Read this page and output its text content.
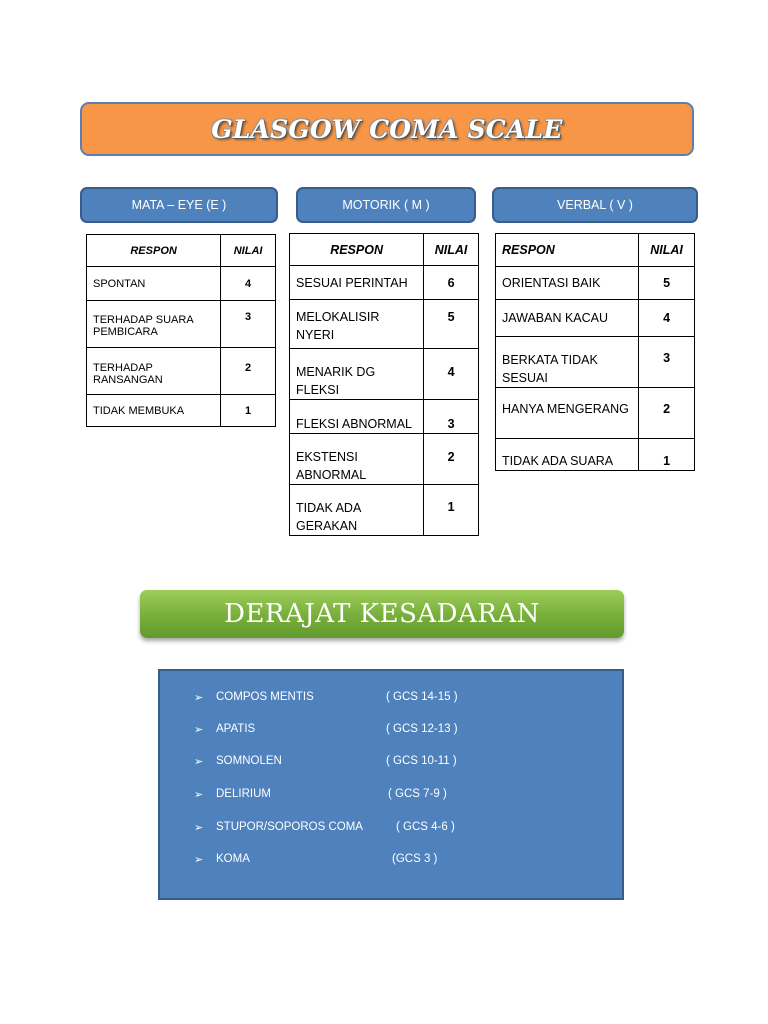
GLASGOW COMA SCALE
MATA – EYE (E )	MOTORIK ( M )	VERBAL ( V )
RESPON	NILAI
SPONTAN	4
TERHADAP SUARA PEMBICARA	3
TERHADAP RANSANGAN	2
TIDAK MEMBUKA	1
RESPON	NILAI
SESUAI PERINTAH	6
MELOKALISIR NYERI	5
MENARIK DG FLEKSI	4
FLEKSI ABNORMAL	3
EKSTENSI ABNORMAL	2
TIDAK ADA GERAKAN	1
RESPON	NILAI
ORIENTASI BAIK	5
JAWABAN KACAU	4
BERKATA TIDAK SESUAI	3
HANYA MENGERANG	2
TIDAK ADA SUARA	1
DERAJAT KESADARAN
➢	COMPOS MENTIS	( GCS 14-15 )
➢	APATIS	( GCS 12-13 )
➢	SOMNOLEN	( GCS 10-11 )
➢	DELIRIUM	( GCS 7-9 )
➢	STUPOR/SOPOROS COMA	( GCS 4-6 )
➢	KOMA	(GCS 3 )
